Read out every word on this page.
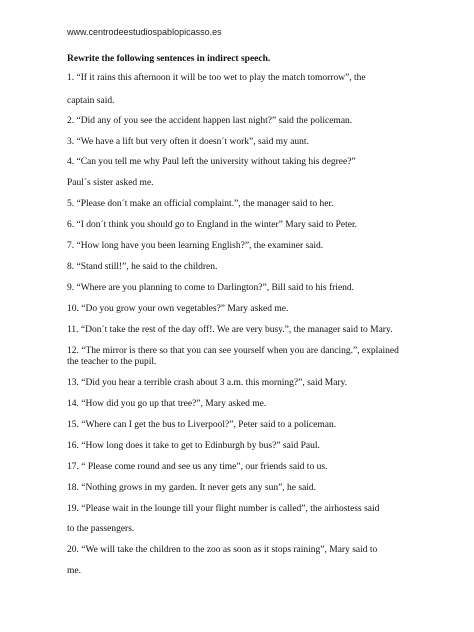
www.centrodeestudiospablopicasso.es
Rewrite the following sentences in indirect speech.
1. “If it rains this afternoon it will be too wet to play the match tomorrow”, the
captain said.
2. “Did any of you see the accident happen last night?” said the policeman.
3. “We have a lift but very often it doesn´t work”, said my aunt.
4. “Can you tell me why Paul left the university without taking his degree?”
Paul´s sister asked me.
5. “Please don´t make an official complaint.”, the manager said to her.
6. “I don´t think you should go to England in the winter” Mary said to Peter.
7. “How long have you been learning English?”, the examiner said.
8. “Stand still!”, he said to the children.
9. “Where are you planning to come to Darlington?”, Bill said to his friend.
10. “Do you grow your own vegetables?” Mary asked me.
11. “Don´t take the rest of the day off!. We are very busy.”, the manager said to Mary.
12. “The mirror is there so that you can see yourself when you are dancing.”, explained
the teacher to the pupil.
13. “Did you hear a terrible crash about 3 a.m. this morning?”, said Mary.
14. “How did you go up that tree?”, Mary asked me.
15. “Where can I get the bus to Liverpool?”, Peter said to a policeman.
16. “How long does it take to get to Edinburgh by bus?” said Paul.
17. “ Please come round and see us any time”, our friends said to us.
18. “Nothing grows in my garden. It never gets any sun”, he said.
19. “Please wait in the lounge till your flight number is called”, the airhostess said
to the passengers.
20. “We will take the children to the zoo as soon as it stops raining”, Mary said to
me.
